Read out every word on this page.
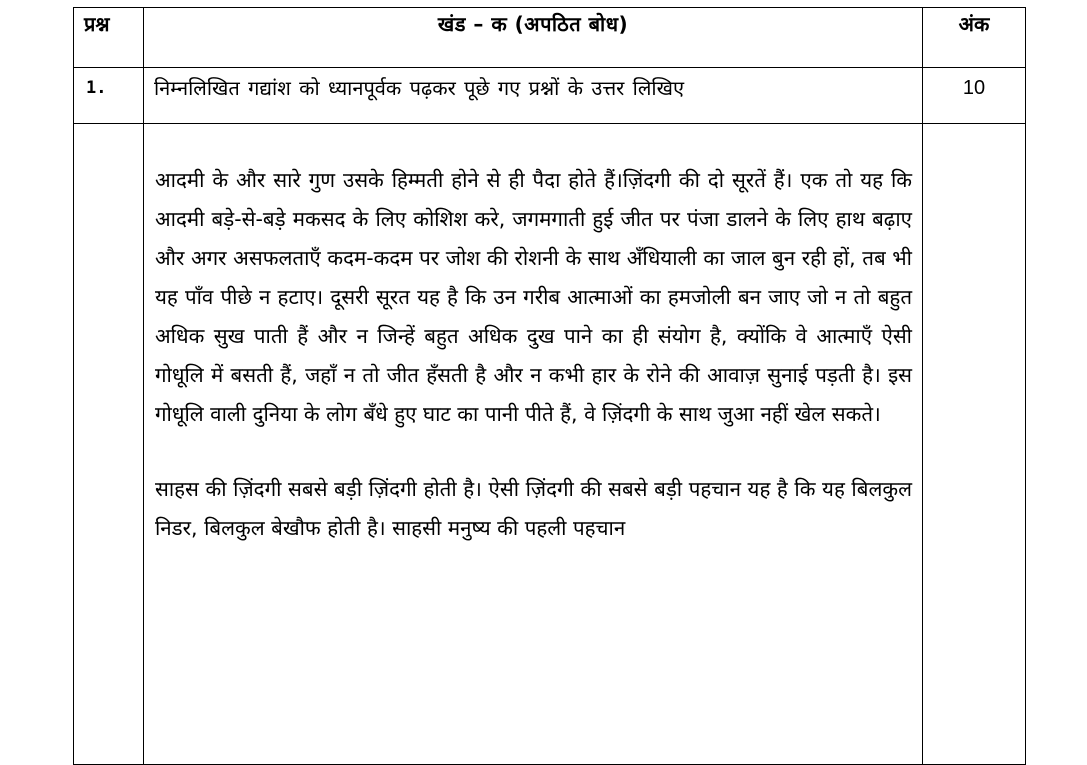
प्रश्न	खंड – क (अपठित बोध)	अंक

1.	निम्नलिखित गद्यांश को ध्यानपूर्वक पढ़कर पूछे गए प्रश्नों के उत्तर लिखिए	10

	आदमी के और सारे गुण उसके हिम्मती होने से ही पैदा होते हैं।ज़िंदगी की दो सूरतें हैं। एक तो यह कि आदमी बड़े-से-बड़े मकसद के लिए कोशिश करे, जगमगाती हुई जीत पर पंजा डालने के लिए हाथ बढ़ाए और अगर असफलताएँ कदम-कदम पर जोश की रोशनी के साथ अँधियाली का जाल बुन रही हों, तब भी यह पाँव पीछे न हटाए। दूसरी सूरत यह है कि उन गरीब आत्माओं का हमजोली बन जाए जो न तो बहुत अधिक सुख पाती हैं और न जिन्हें बहुत अधिक दुख पाने का ही संयोग है, क्योंकि वे आत्माएँ ऐसी गोधूलि में बसती हैं, जहाँ न तो जीत हँसती है और न कभी हार के रोने की आवाज़ सुनाई पड़ती है। इस गोधूलि वाली दुनिया के लोग बँधे हुए घाट का पानी पीते हैं, वे ज़िंदगी के साथ जुआ नहीं खेल सकते।

साहस की ज़िंदगी सबसे बड़ी ज़िंदगी होती है। ऐसी ज़िंदगी की सबसे बड़ी पहचान यह है कि यह बिलकुल निडर, बिलकुल बेखौफ होती है। साहसी मनुष्य की पहली पहचान	
